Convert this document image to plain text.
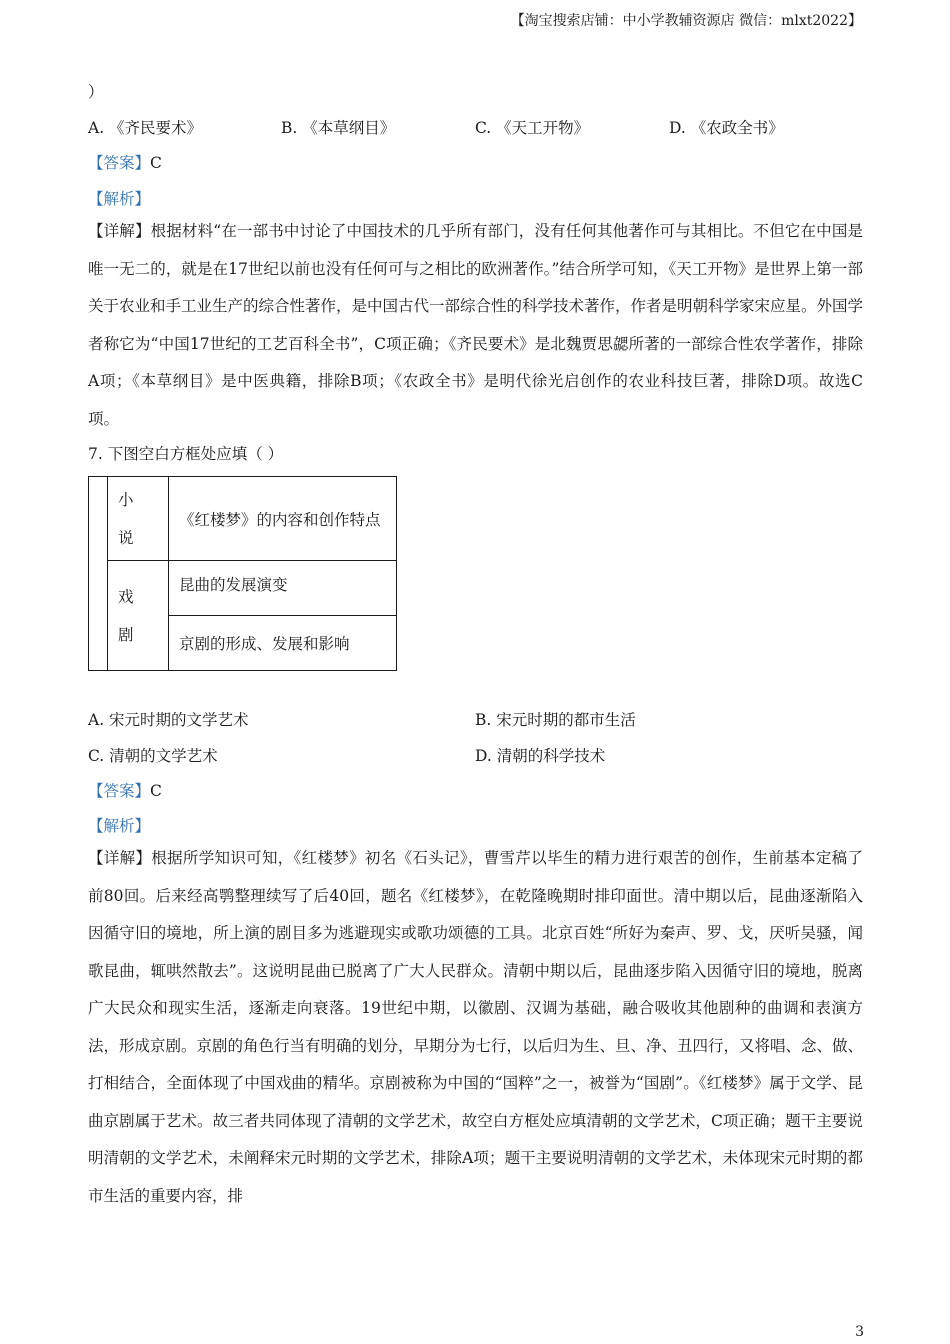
【淘宝搜索店铺：中小学教辅资源店 微信：mlxt2022】
）
A. 《齐民要术》	B. 《本草纲目》	C. 《天工开物》	D. 《农政全书》
【答案】C
【解析】
【详解】根据材料“在一部书中讨论了中国技术的几乎所有部门，没有任何其他著作可与其相比。不但它在中国是唯一无二的，就是在17世纪以前也没有任何可与之相比的欧洲著作。”结合所学可知，《天工开物》是世界上第一部关于农业和手工业生产的综合性著作，是中国古代一部综合性的科学技术著作，作者是明朝科学家宋应星。外国学者称它为“中国17世纪的工艺百科全书”，C项正确；《齐民要术》是北魏贾思勰所著的一部综合性农学著作，排除A项；《本草纲目》是中医典籍，排除B项；《农政全书》是明代徐光启创作的农业科技巨著，排除D项。故选C项。
7. 下图空白方框处应填（ ）

	小
说	《红楼梦》的内容和创作特点

	戏
剧	昆曲的发展演变
		京剧的形成、发展和影响
A. 宋元时期的文学艺术	B. 宋元时期的都市生活
C. 清朝的文学艺术	D. 清朝的科学技术
【答案】C
【解析】
【详解】根据所学知识可知，《红楼梦》初名《石头记》，曹雪芹以毕生的精力进行艰苦的创作，生前基本定稿了前80回。后来经高鹗整理续写了后40回，题名《红楼梦》，在乾隆晚期时排印面世。清中期以后，昆曲逐渐陷入因循守旧的境地，所上演的剧目多为逃避现实或歌功颂德的工具。北京百姓“所好为秦声、罗、戈，厌听吴骚，闻歌昆曲，辄哄然散去”。这说明昆曲已脱离了广大人民群众。清朝中期以后，昆曲逐步陷入因循守旧的境地，脱离广大民众和现实生活，逐渐走向衰落。19世纪中期，以徽剧、汉调为基础，融合吸收其他剧种的曲调和表演方法，形成京剧。京剧的角色行当有明确的划分，早期分为七行，以后归为生、旦、净、丑四行，又将唱、念、做、打相结合，全面体现了中国戏曲的精华。京剧被称为中国的“国粹”之一，被誉为“国剧”。《红楼梦》属于文学、昆曲京剧属于艺术。故三者共同体现了清朝的文学艺术，故空白方框处应填清朝的文学艺术，C项正确；题干主要说明清朝的文学艺术，未阐释宋元时期的文学艺术，排除A项；题干主要说明清朝的文学艺术，未体现宋元时期的都市生活的重要内容，排
3
